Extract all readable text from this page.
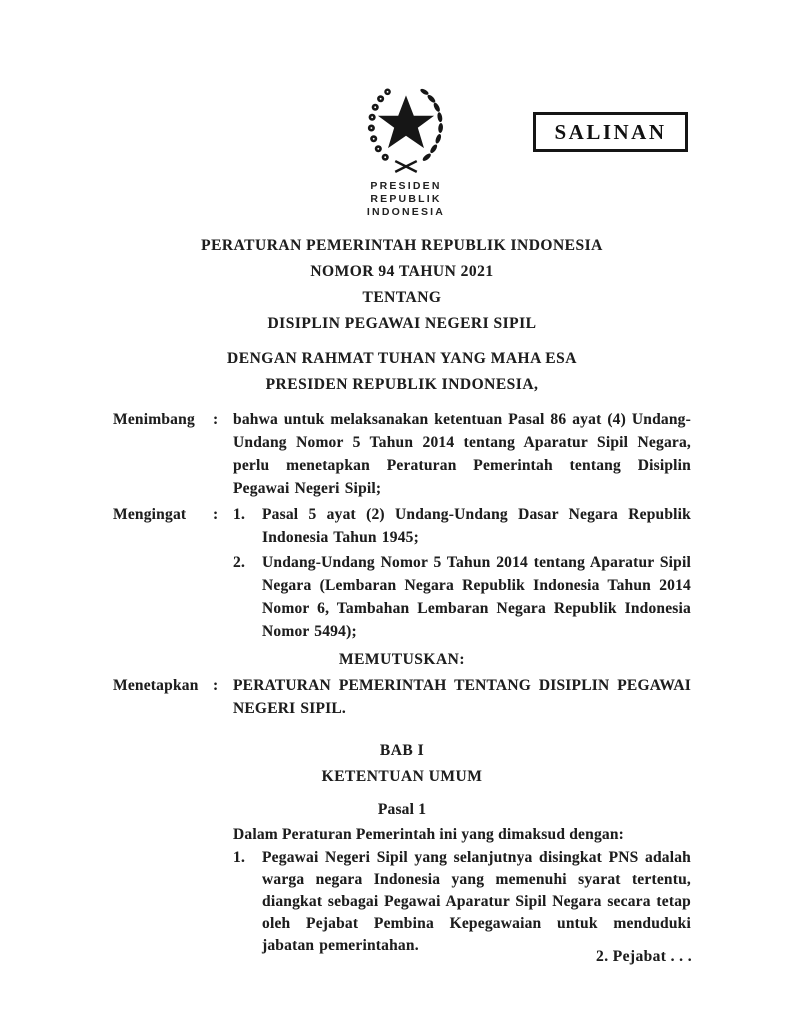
PRESIDEN
REPUBLIK INDONESIA
SALINAN
PERATURAN PEMERINTAH REPUBLIK INDONESIA
NOMOR 94 TAHUN 2021
TENTANG
DISIPLIN PEGAWAI NEGERI SIPIL
DENGAN RAHMAT TUHAN YANG MAHA ESA
PRESIDEN REPUBLIK INDONESIA,
Menimbang	: bahwa untuk melaksanakan ketentuan Pasal 86 ayat (4) Undang-Undang Nomor 5 Tahun 2014 tentang Aparatur Sipil Negara, perlu menetapkan Peraturan Pemerintah tentang Disiplin Pegawai Negeri Sipil;
Mengingat	: 1.	Pasal 5 ayat (2) Undang-Undang Dasar Negara Republik Indonesia Tahun 1945;
2.	Undang-Undang Nomor 5 Tahun 2014 tentang Aparatur Sipil Negara (Lembaran Negara Republik Indonesia Tahun 2014 Nomor 6, Tambahan Lembaran Negara Republik Indonesia Nomor 5494);
MEMUTUSKAN:
Menetapkan : PERATURAN PEMERINTAH TENTANG DISIPLIN PEGAWAI NEGERI SIPIL.
BAB I
KETENTUAN UMUM
Pasal 1
Dalam Peraturan Pemerintah ini yang dimaksud dengan:
1.	Pegawai Negeri Sipil yang selanjutnya disingkat PNS adalah warga negara Indonesia yang memenuhi syarat tertentu, diangkat sebagai Pegawai Aparatur Sipil Negara secara tetap oleh Pejabat Pembina Kepegawaian untuk menduduki jabatan pemerintahan.
2. Pejabat . . .
